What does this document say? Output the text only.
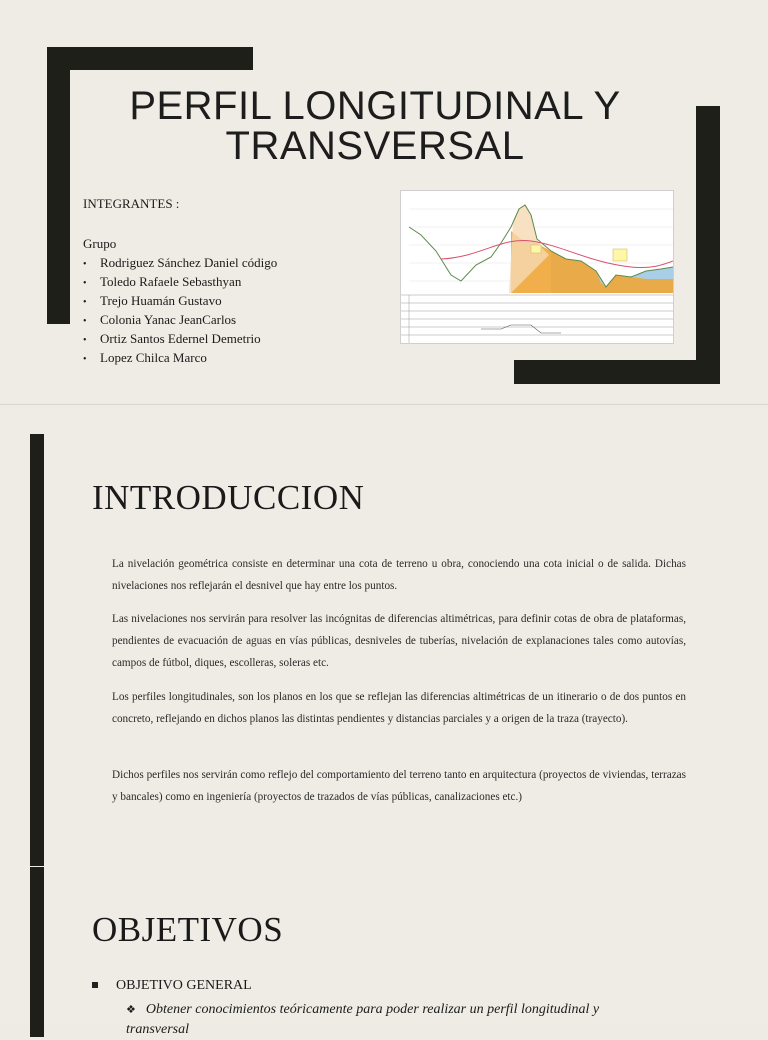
PERFIL LONGITUDINAL Y
TRANSVERSAL
INTEGRANTES :
Grupo
• Rodriguez Sánchez Daniel código
• Toledo Rafaele Sebasthyan
• Trejo Huamán Gustavo
• Colonia Yanac JeanCarlos
• Ortiz Santos Edernel Demetrio
• Lopez Chilca Marco
INTRODUCCION
La nivelación geométrica consiste en determinar una cota de terreno u obra, conociendo una cota inicial o de salida. Dichas nivelaciones nos reflejarán el desnivel que hay entre los puntos.
Las nivelaciones nos servirán para resolver las incógnitas de diferencias altimétricas, para definir cotas de obra de plataformas, pendientes de evacuación de aguas en vías públicas, desniveles de tuberías, nivelación de explanaciones tales como autovías, campos de fútbol, diques, escolleras, soleras etc.
Los perfiles longitudinales, son los planos en los que se reflejan las diferencias altimétricas de un itinerario o de dos puntos en concreto, reflejando en dichos planos las distintas pendientes y distancias parciales y a origen de la traza (trayecto).
Dichos perfiles nos servirán como reflejo del comportamiento del terreno tanto en arquitectura (proyectos de viviendas, terrazas y bancales) como en ingeniería (proyectos de trazados de vías públicas, canalizaciones etc.)
OBJETIVOS
OBJETIVO GENERAL
❖ Obtener conocimientos teóricamente para poder realizar un perfil longitudinal y transversal
